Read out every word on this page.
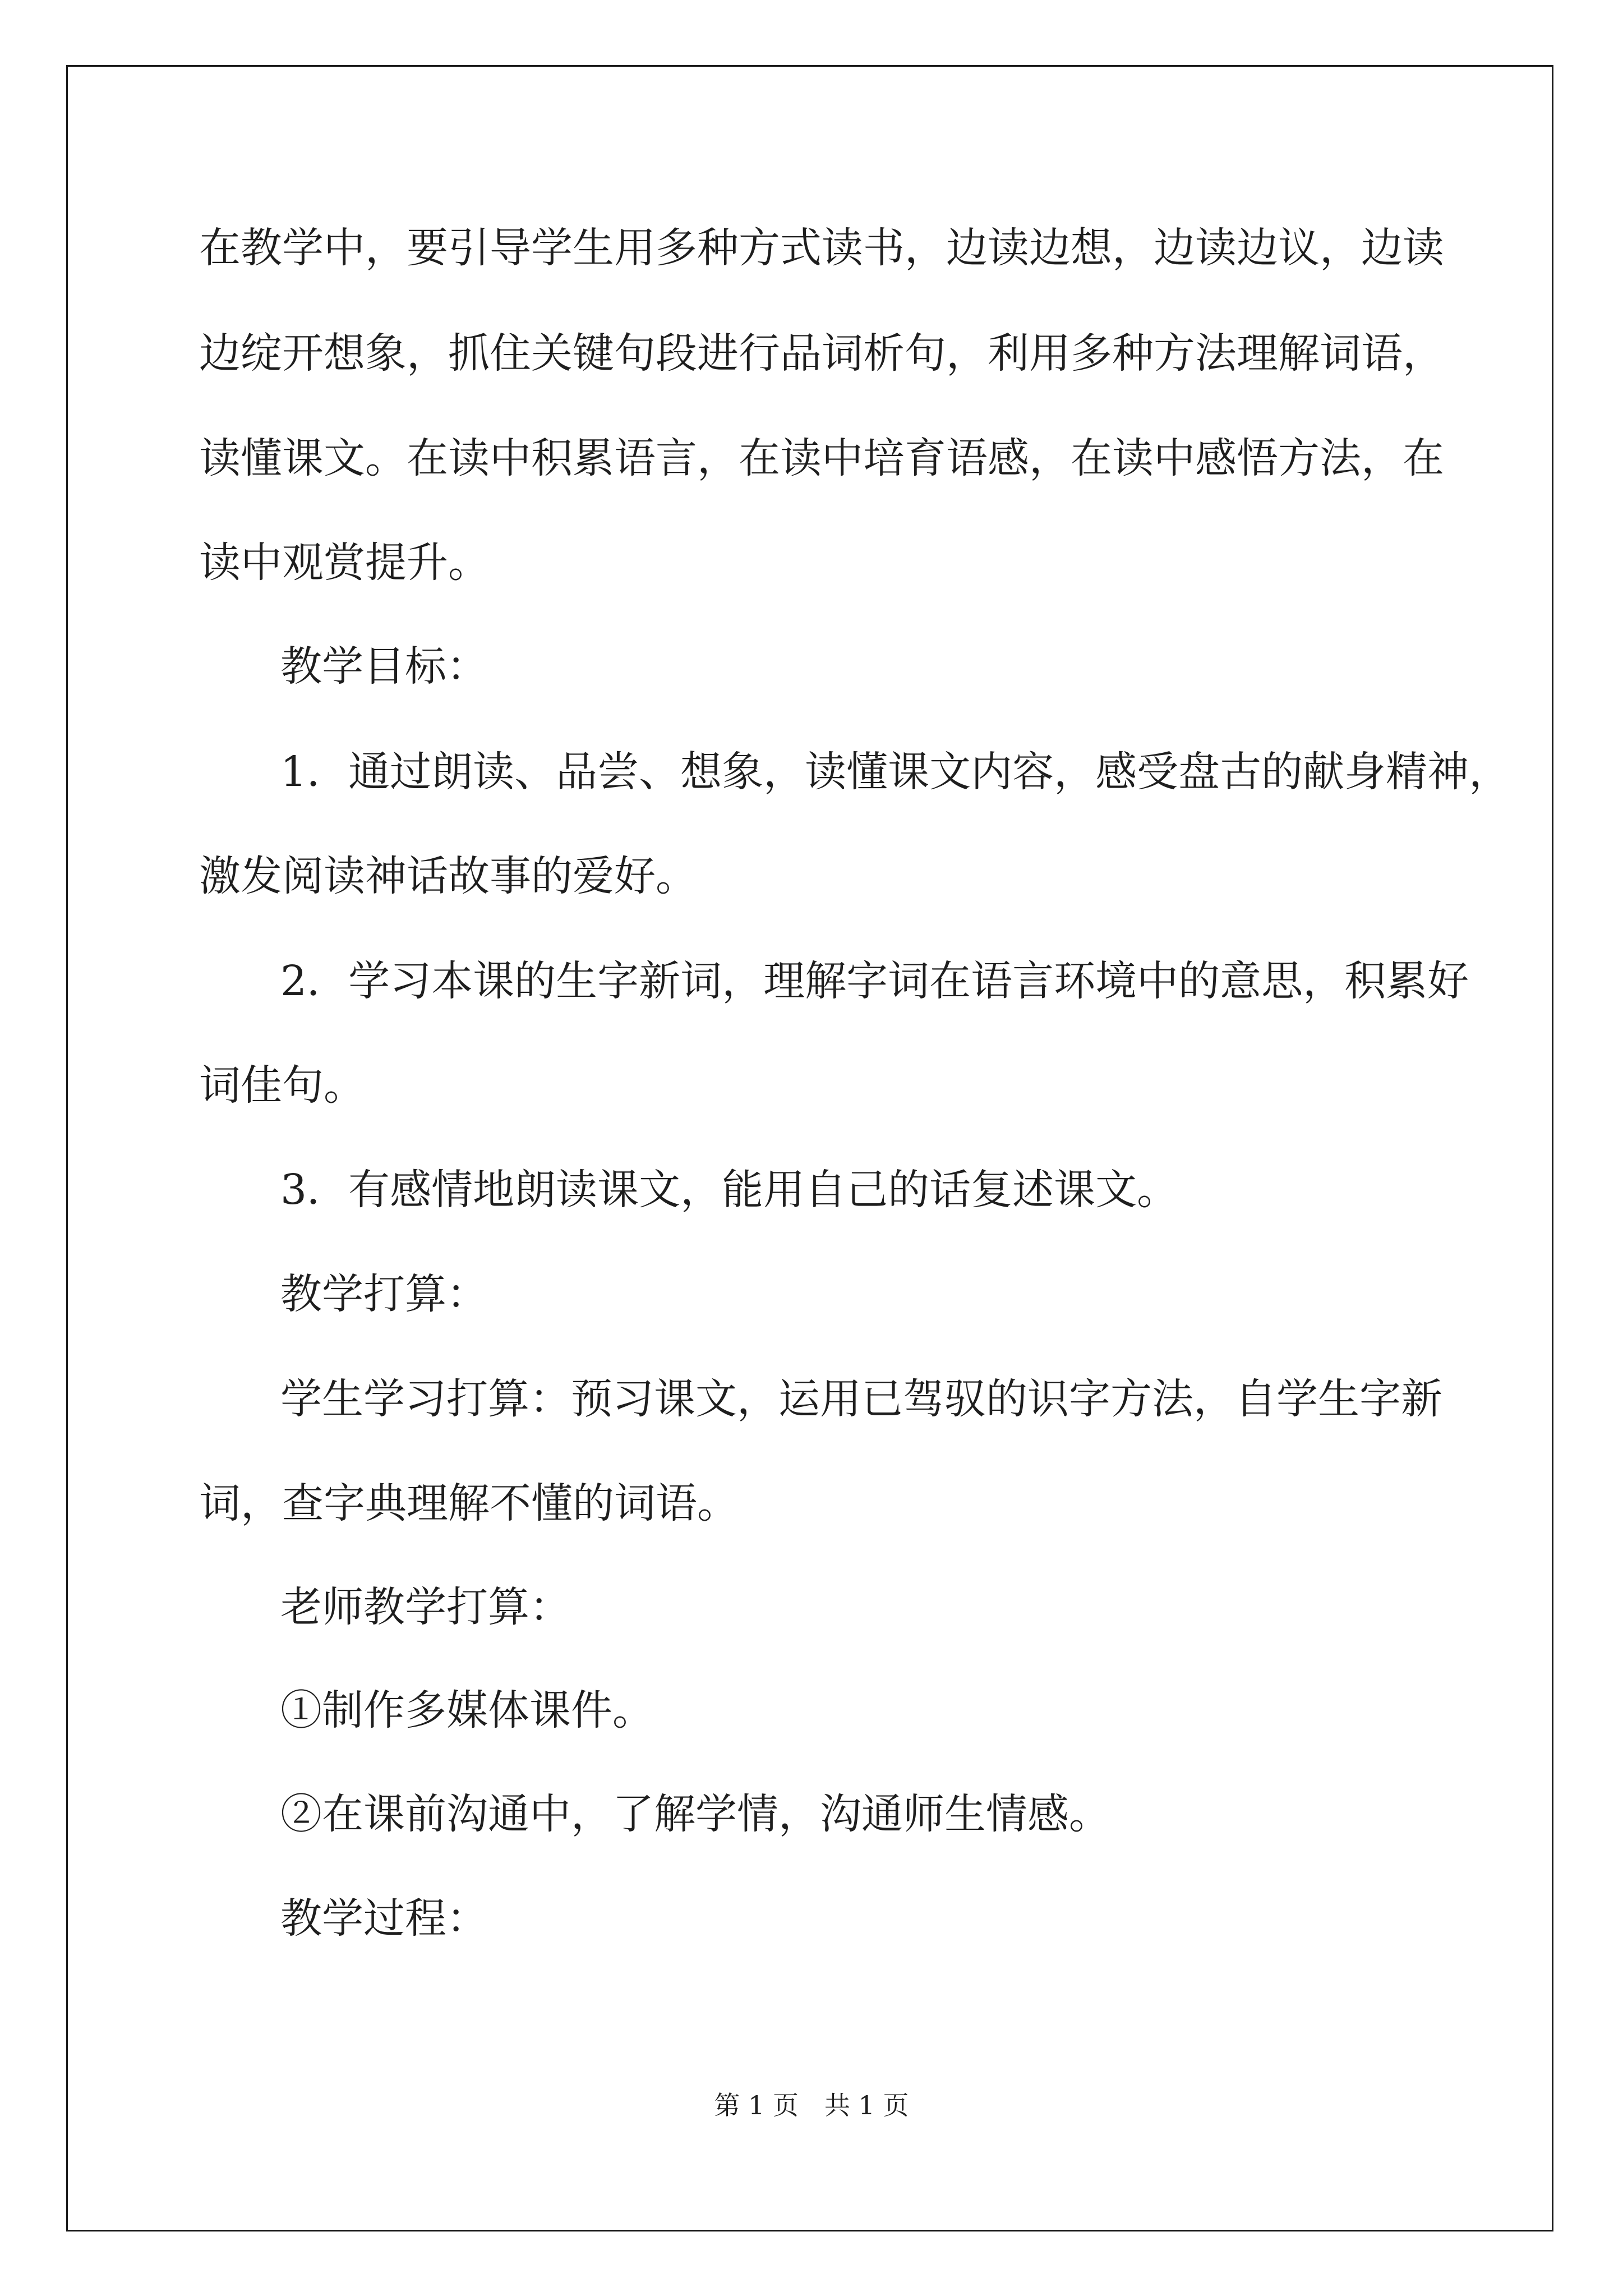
在教学中，要引导学生用多种方式读书，边读边想，边读边议，边读
边绽开想象，抓住关键句段进行品词析句，利用多种方法理解词语，
读懂课文。在读中积累语言，在读中培育语感，在读中感悟方法，在
读中观赏提升。
教学目标：
1．通过朗读、品尝、想象，读懂课文内容，感受盘古的献身精神，
激发阅读神话故事的爱好。
2．学习本课的生字新词，理解字词在语言环境中的意思，积累好
词佳句。
3．有感情地朗读课文，能用自己的话复述课文。
教学打算：
学生学习打算：预习课文，运用已驾驭的识字方法，自学生字新
词，查字典理解不懂的词语。
老师教学打算：
①制作多媒体课件。
②在课前沟通中，了解学情，沟通师生情感。
教学过程：
第 1 页　共 1 页
